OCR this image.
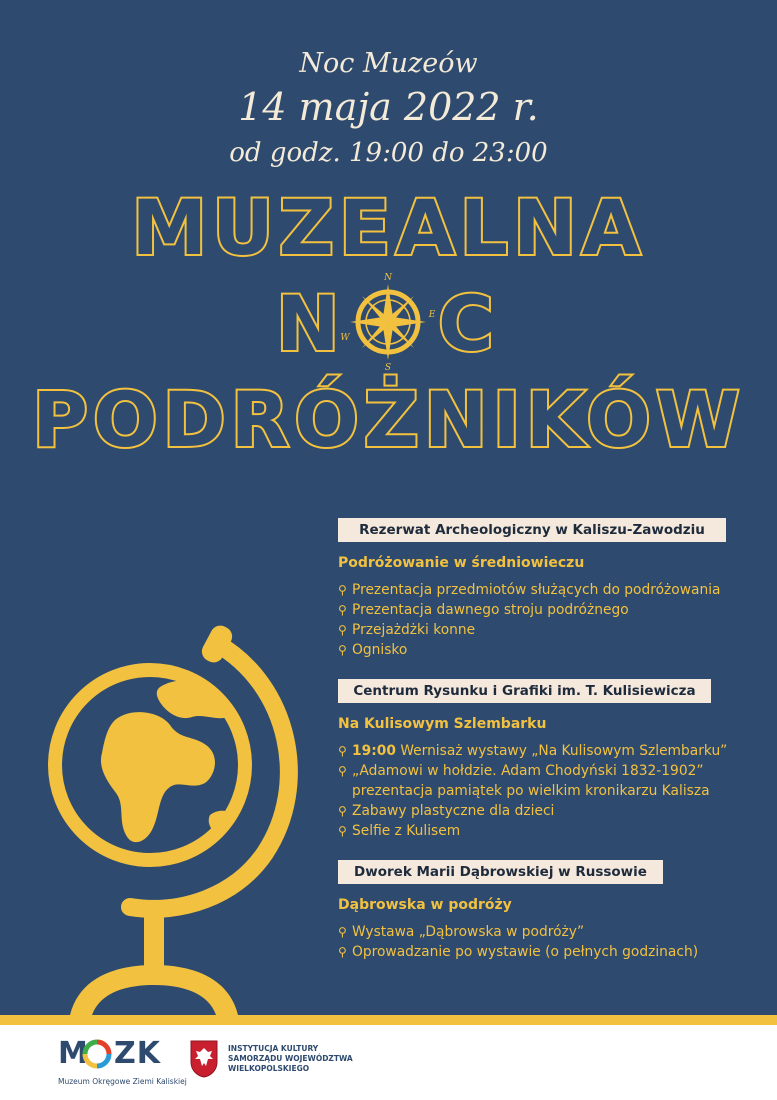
Noc Muzeów
14 maja 2022 r.
od godz. 19:00 do 23:00
MUZEALNA
N C
N
E
S
W
PODRÓŻNIKÓW
Rezerwat Archeologiczny w Kaliszu-Zawodziu
Podróżowanie w średniowieczu
⚲ Prezentacja przedmiotów służących do podróżowania
⚲ Prezentacja dawnego stroju podróżnego
⚲ Przejażdżki konne
⚲ Ognisko
Centrum Rysunku i Grafiki im. T. Kulisiewicza
Na Kulisowym Szlembarku
⚲ 19:00 Wernisaż wystawy „Na Kulisowym Szlembarku”
⚲ „Adamowi w hołdzie. Adam Chodyński 1832-1902”
prezentacja pamiątek po wielkim kronikarzu Kalisza
⚲ Zabawy plastyczne dla dzieci
⚲ Selfie z Kulisem
Dworek Marii Dąbrowskiej w Russowie
Dąbrowska w podróży
⚲ Wystawa „Dąbrowska w podróży”
⚲ Oprowadzanie po wystawie (o pełnych godzinach)
M ZK
Muzeum Okręgowe Ziemi Kaliskiej
INSTYTUCJA KULTURY
SAMORZĄDU WOJEWÓDZTWA
WIELKOPOLSKIEGO
